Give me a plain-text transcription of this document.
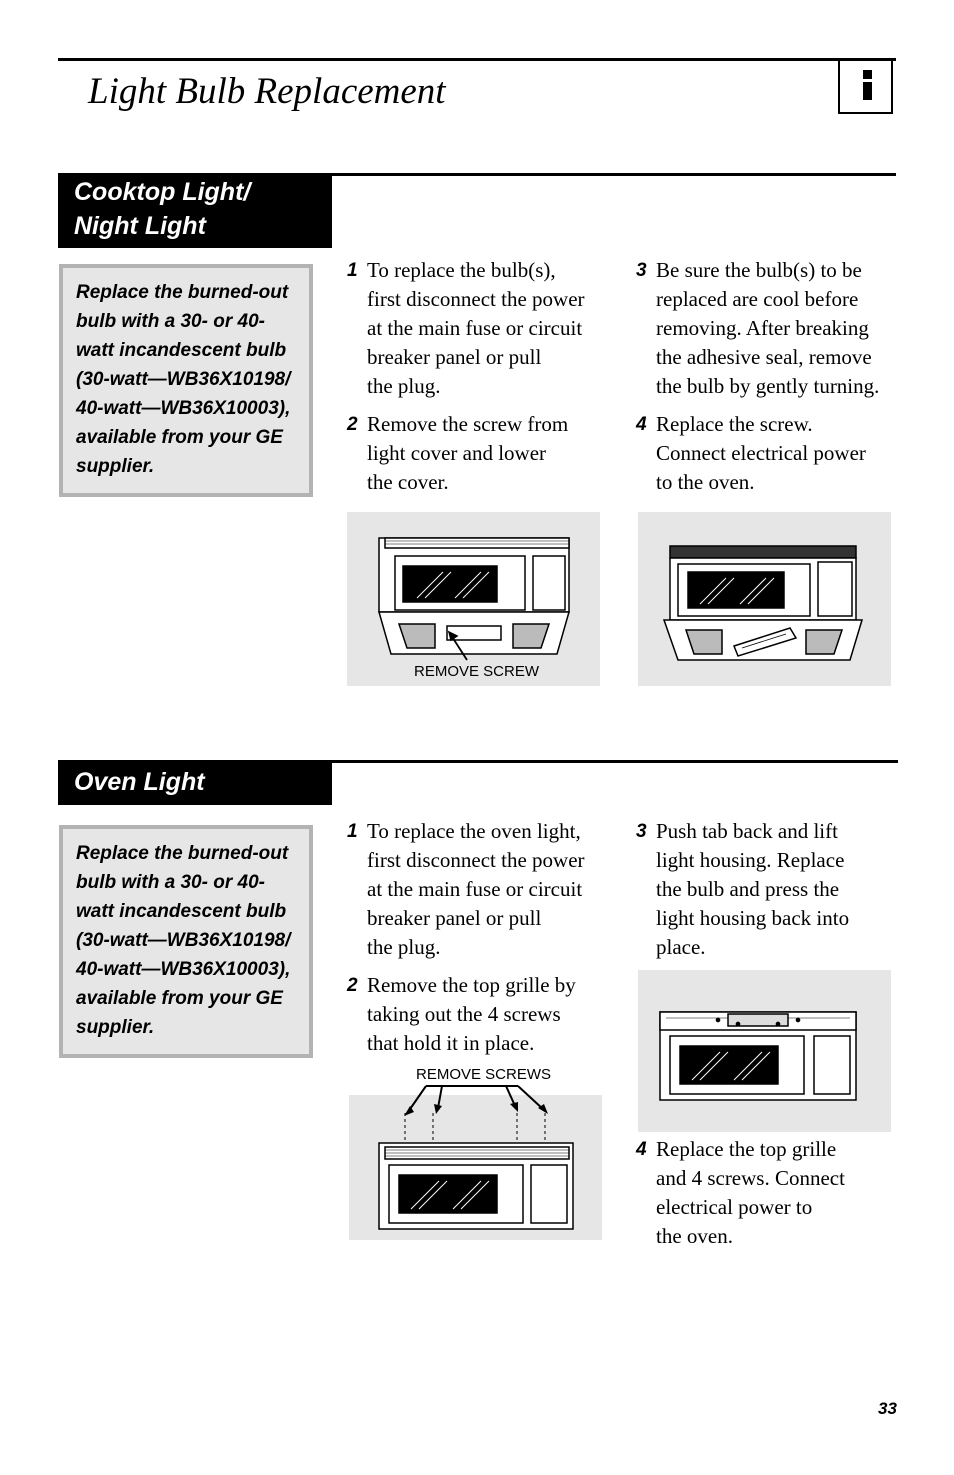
Light Bulb Replacement
Cooktop Light/
Night Light
Replace the burned-out bulb with a 30- or 40-watt incandescent bulb (30-watt—WB36X10198/ 40-watt—WB36X10003), available from your GE supplier.
1 To replace the bulb(s),
first disconnect the power
at the main fuse or circuit
breaker panel or pull
the plug.
2 Remove the screw from
light cover and lower
the cover.
3 Be sure the bulb(s) to be
replaced are cool before
removing. After breaking
the adhesive seal, remove
the bulb by gently turning.
4 Replace the screw.
Connect electrical power
to the oven.
REMOVE SCREW
Oven Light
Replace the burned-out bulb with a 30- or 40-watt incandescent bulb (30-watt—WB36X10198/ 40-watt—WB36X10003), available from your GE supplier.
1 To replace the oven light,
first disconnect the power
at the main fuse or circuit
breaker panel or pull
the plug.
2 Remove the top grille by
taking out the 4 screws
that hold it in place.
3 Push tab back and lift
light housing. Replace
the bulb and press the
light housing back into
place.
4 Replace the top grille
and 4 screws. Connect
electrical power to
the oven.
REMOVE SCREWS
33
